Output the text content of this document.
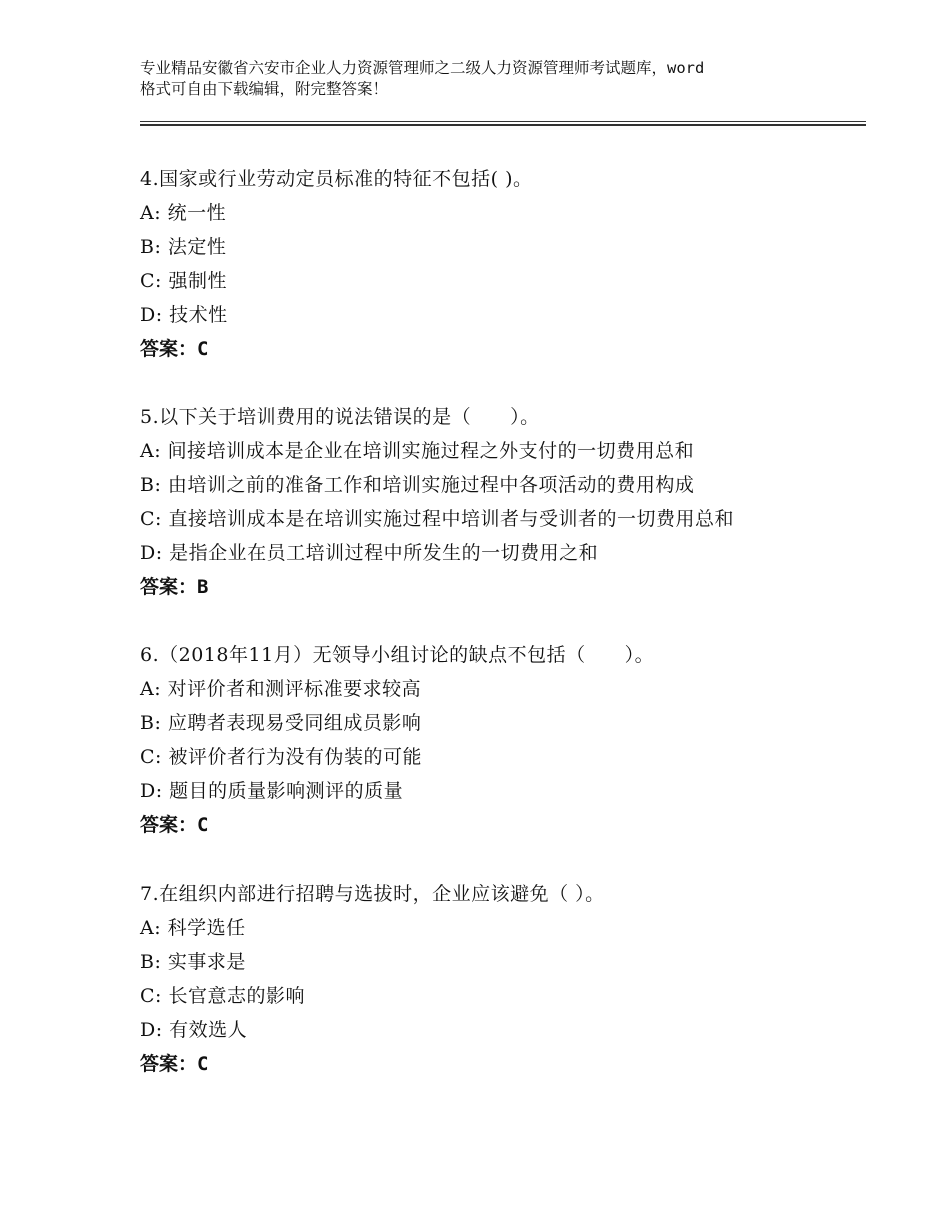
专业精品安徽省六安市企业人力资源管理师之二级人力资源管理师考试题库，word
格式可自由下载编辑，附完整答案！
4.国家或行业劳动定员标准的特征不包括( )。
A: 统一性
B: 法定性
C: 强制性
D: 技术性
答案：C
5.以下关于培训费用的说法错误的是（　　）。
A: 间接培训成本是企业在培训实施过程之外支付的一切费用总和
B: 由培训之前的准备工作和培训实施过程中各项活动的费用构成
C: 直接培训成本是在培训实施过程中培训者与受训者的一切费用总和
D: 是指企业在员工培训过程中所发生的一切费用之和
答案：B
6.（2018年11月）无领导小组讨论的缺点不包括（　　）。
A: 对评价者和测评标准要求较高
B: 应聘者表现易受同组成员影响
C: 被评价者行为没有伪装的可能
D: 题目的质量影响测评的质量
答案：C
7.在组织内部进行招聘与选拔时，企业应该避免（ ）。
A: 科学选任
B: 实事求是
C: 长官意志的影响
D: 有效选人
答案：C
